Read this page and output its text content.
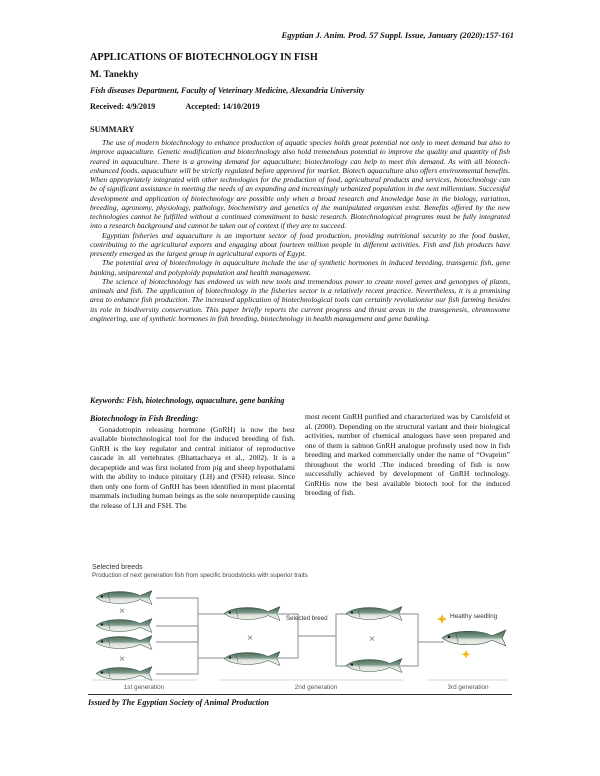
Egyptian J. Anim. Prod. 57 Suppl. Issue, January (2020):157-161
APPLICATIONS OF BIOTECHNOLOGY IN FISH
M. Tanekhy
Fish diseases Department, Faculty of Veterinary Medicine, Alexandria University
Received: 4/9/2019	Accepted: 14/10/2019
SUMMARY

The use of modern biotechnology to enhance production of aquatic species holds great potential not only to meet demand but also to improve aquaculture. Genetic modification and biotechnology also hold tremendous potential to improve the quality and quantity of fish reared in aquaculture. There is a growing demand for aquaculture; biotechnology can help to meet this demand. As with all biotech-enhanced foods, aquaculture will be strictly regulated before approved for market. Biotech aquaculture also offers environmental benefits. When appropriately integrated with other technologies for the production of food, agricultural products and services, biotechnology can be of significant assistance in meeting the needs of an expanding and increasingly urbanized population in the next millennium. Successful development and application of biotechnology are possible only when a broad research and knowledge base in the biology, variation, breeding, agronomy, physiology, pathology, biochemistry and genetics of the manipulated organism exist. Benefits offered by the new technologies cannot be fulfilled without a continued commitment to basic research. Biotechnological programs must be fully integrated into a research background and cannot be taken out of context if they are to succeed.

Egyptian fisheries and aquaculture is an important sector of food production, providing nutritional security to the food basket, contributing to the agricultural exports and engaging about fourteen million people in different activities. Fish and fish products have presently emerged as the largest group in agricultural exports of Egypt.

The potential area of biotechnology in aquaculture include the use of synthetic hormones in induced breeding, transgenic fish, gene banking, uniparental and polyploidy population and health management.

The science of biotechnology has endowed us with new tools and tremendous power to create novel genes and genotypes of plants, animals and fish. The application of biotechnology in the fisheries sector is a relatively recent practice. Nevertheless, it is a promising area to enhance fish production. The increased application of biotechnological tools can certainly revolutionise our fish farming besides its role in biodiversity conservation. This paper briefly reports the current progress and thrust areas in the transgenesis, chromosome engineering, use of synthetic hormones in fish breeding, biotechnology in health management and gene banking.

Keywords: Fish, biotechnology, aquaculture, gene banking
Biotechnology in Fish Breeding:

Gonadotropin releasing hormone (GnRH) is now the best available biotechnological tool for the induced breeding of fish. GnRH is the key regulator and central initiator of reproductive cascade in all vertebrates (Bhattacharya et al., 2002). It is a decapeptide and was first isolated from pig and sheep hypothalami with the ability to induce pituitary (LH) and (FSH) release. Since then only one form of GnRH has been identified in most placental mammals including human beings as the sole neuropeptide causing the release of LH and FSH. The

most recent GnRH purified and characterized was by Carolsfeld et al. (2000). Depending on the structural variant and their biological activities, number of chemical analogues have seen prepared and one of them is salmon GnRH analogue profusely used now in fish breeding and marked commercially under the name of “Ovaprim” throughout the world .The induced breeding of fish is now successfully achieved by development of GnRH technology. GnRHis now the best available biotech tool for the induced breeding of fish.

Selected breeds
Production of next generation fish from specific broodstocks with superior traits
×
×
×
Selected breed
×
Healthy seedling
1st generation	2nd generation	3rd generation
Issued by The Egyptian Society of Animal Production
